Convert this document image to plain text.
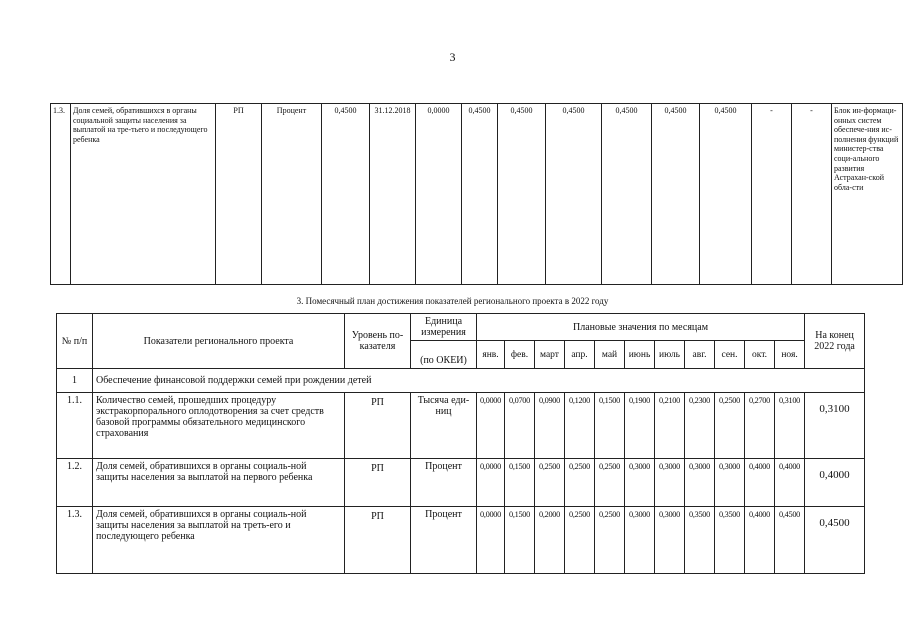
3
1.3.	Доля семей, обратившихся в органы социальной защиты населения за выплатой на тре-тьего и последующего ребенка	РП	Процент	0,4500	31.12.2018	0,0000	0,4500	0,4500	0,4500	0,4500	0,4500	0,4500	-	-	Блок ин-формаци-онных систем обеспече-ния ис-полнения функций министер-ства соци-ального развития Астрахан-ской обла-сти
3. Помесячный план достижения показателей регионального проекта в 2022 году
№ п/п	Показатели регионального проекта	Уровень по-казателя	Единица измерения	Плановые значения по месяцам											На конец 2022 года
			(по ОКЕИ)	янв.	фев.	март	апр.	май	июнь	июль	авг.	сен.	окт.	ноя.	
1	Обеспечение финансовой поддержки семей при рождении детей														
1.1.	Количество семей, прошедших процедуру экстракорпорального оплодотворения за счет средств базовой программы обязательного медицинского страхования	РП	Тысяча еди-ниц	0,0000	0,0700	0,0900	0,1200	0,1500	0,1900	0,2100	0,2300	0,2500	0,2700	0,3100	0,3100
1.2.	Доля семей, обратившихся в органы социаль-ной защиты населения за выплатой на первого ребенка	РП	Процент	0,0000	0,1500	0,2500	0,2500	0,2500	0,3000	0,3000	0,3000	0,3000	0,4000	0,4000	0,4000
1.3.	Доля семей, обратившихся в органы социаль-ной защиты населения за выплатой на треть-его и последующего ребенка	РП	Процент	0,0000	0,1500	0,2000	0,2500	0,2500	0,3000	0,3000	0,3500	0,3500	0,4000	0,4500	0,4500
